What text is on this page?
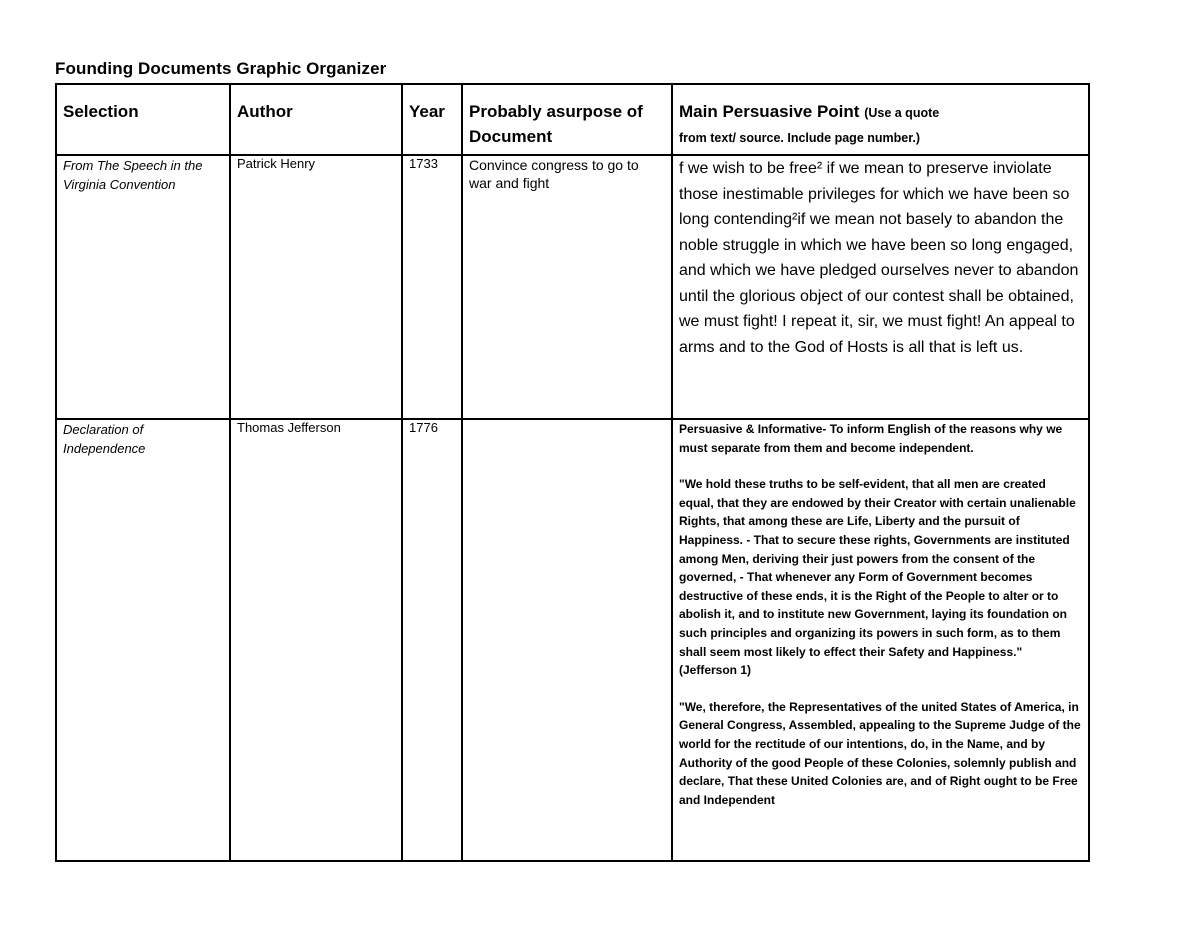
Founding Documents Graphic Organizer
Selection	Author	Year	Probably asurpose of Document	Main Persuasive Point (Use a quote
from text/ source. Include page number.)
From The Speech in the Virginia Convention	Patrick Henry	1733	Convince congress to go to war and fight	f we wish to be free² if we mean to preserve inviolate those inestimable privileges for which we have been so long contending²if we mean not basely to abandon the noble struggle in which we have been so long engaged, and which we have pledged ourselves never to abandon until the glorious object of our contest shall be obtained, we must fight! I repeat it, sir, we must fight! An appeal to arms and to the God of Hosts is all that is left us.
Declaration of Independence	Thomas Jefferson	1776		Persuasive & Informative- To inform English of the reasons why we must separate from them and become independent.

"We hold these truths to be self-evident, that all men are created equal, that they are endowed by their Creator with certain unalienable Rights, that among these are Life, Liberty and the pursuit of Happiness. - That to secure these rights, Governments are instituted among Men, deriving their just powers from the consent of the governed, - That whenever any Form of Government becomes destructive of these ends, it is the Right of the People to alter or to abolish it, and to institute new Government, laying its foundation on such principles and organizing its powers in such form, as to them shall seem most likely to effect their Safety and Happiness." (Jefferson 1)

"We, therefore, the Representatives of the united States of America, in General Congress, Assembled, appealing to the Supreme Judge of the world for the rectitude of our intentions, do, in the Name, and by Authority of the good People of these Colonies, solemnly publish and declare, That these United Colonies are, and of Right ought to be Free and Independent
